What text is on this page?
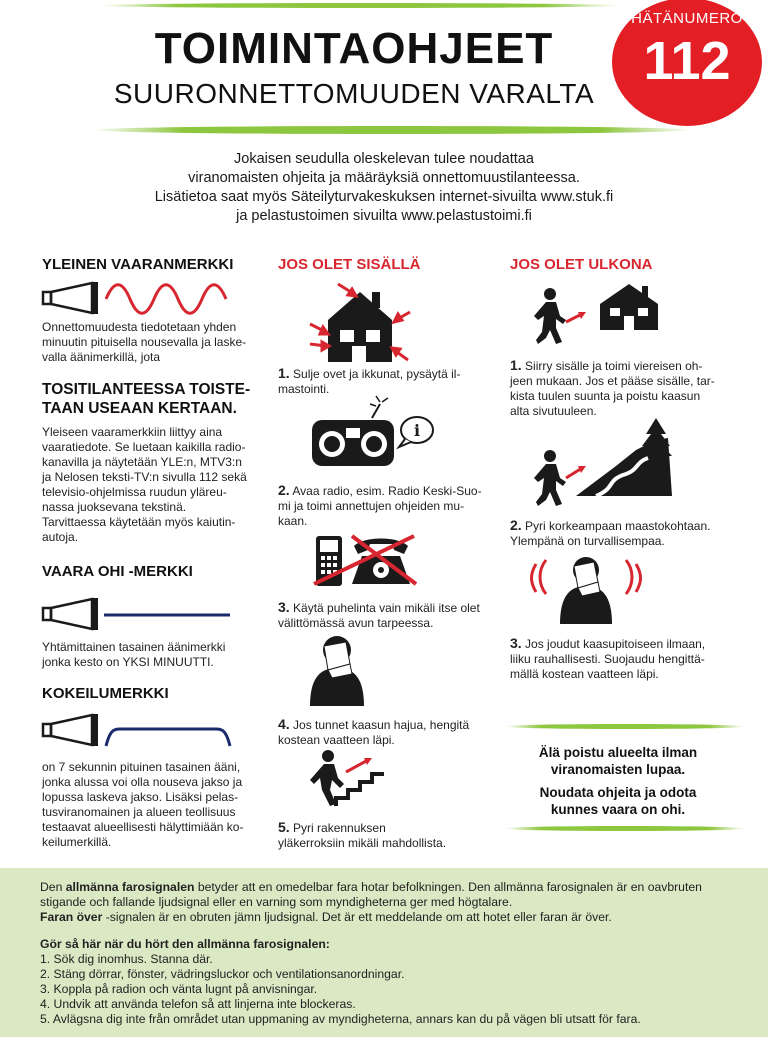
TOIMINTAOHJEET
SUURONNETTOMUUDEN VARALTA
HÄTÄNUMERO
112
Jokaisen seudulla oleskelevan tulee noudattaa
viranomaisten ohjeita ja määräyksiä onnettomuustilanteessa.
Lisätietoa saat myös Säteilyturvakeskuksen internet-sivuilta www.stuk.fi
ja pelastustoimen sivuilta www.pelastustoimi.fi
YLEINEN VAARANMERKKI
Onnettomuudesta tiedotetaan yhden
minuutin pituisella nousevalla ja laske-
valla äänimerkillä, jota
TOSITILANTEESSA TOISTE-
TAAN USEAAN KERTAAN.
Yleiseen vaaramerkkiin liittyy aina
vaaratiedote. Se luetaan kaikilla radio-
kanavilla ja näytetään YLE:n, MTV3:n
ja Nelosen teksti-TV:n sivulla 112 sekä
televisio-ohjelmissa ruudun yläreu-
nassa juoksevana tekstinä.
Tarvittaessa käytetään myös kaiutin-
autoja.
VAARA OHI -MERKKI
Yhtämittainen tasainen äänimerkki
jonka kesto on YKSI MINUUTTI.
KOKEILUMERKKI
on 7 sekunnin pituinen tasainen ääni,
jonka alussa voi olla nouseva jakso ja
lopussa laskeva jakso. Lisäksi pelas-
tusviranomainen ja alueen teollisuus
testaavat alueellisesti hälyttimiään ko-
keilumerkillä.
JOS OLET SISÄLLÄ
1. Sulje ovet ja ikkunat, pysäytä il-
mastointi.
i
2. Avaa radio, esim. Radio Keski-Suo-
mi ja toimi annettujen ohjeiden mu-
kaan.
3. Käytä puhelinta vain mikäli itse olet
välittömässä avun tarpeessa.
4. Jos tunnet kaasun hajua, hengitä
kostean vaatteen läpi.
5. Pyri rakennuksen
yläkerroksiin mikäli mahdollista.
JOS OLET ULKONA
1. Siirry sisälle ja toimi viereisen oh-
jeen mukaan. Jos et pääse sisälle, tar-
kista tuulen suunta ja poistu kaasun
alta sivutuuleen.
2. Pyri korkeampaan maastokohtaan.
Ylempänä on turvallisempaa.
3. Jos joudut kaasupitoiseen ilmaan,
liiku rauhallisesti. Suojaudu hengittä-
mällä kostean vaatteen läpi.
Älä poistu alueelta ilman
viranomaisten lupaa.
Noudata ohjeita ja odota
kunnes vaara on ohi.

Den allmänna farosignalen betyder att en omedelbar fara hotar befolkningen. Den allmänna farosignalen är en oavbruten stigande och fallande ljudsignal eller en varning som myndigheterna ger med högtalare.

Faran över -signalen är en obruten jämn ljudsignal. Det är ett meddelande om att hotet eller faran är över.

Gör så här när du hört den allmänna farosignalen:

1. Sök dig inomhus. Stanna där.
2. Stäng dörrar, fönster, vädringsluckor och ventilationsanordningar.
3. Koppla på radion och vänta lugnt på anvisningar.
4. Undvik att använda telefon så att linjerna inte blockeras.
5. Avlägsna dig inte från området utan uppmaning av myndigheterna, annars kan du på vägen bli utsatt för fara.
